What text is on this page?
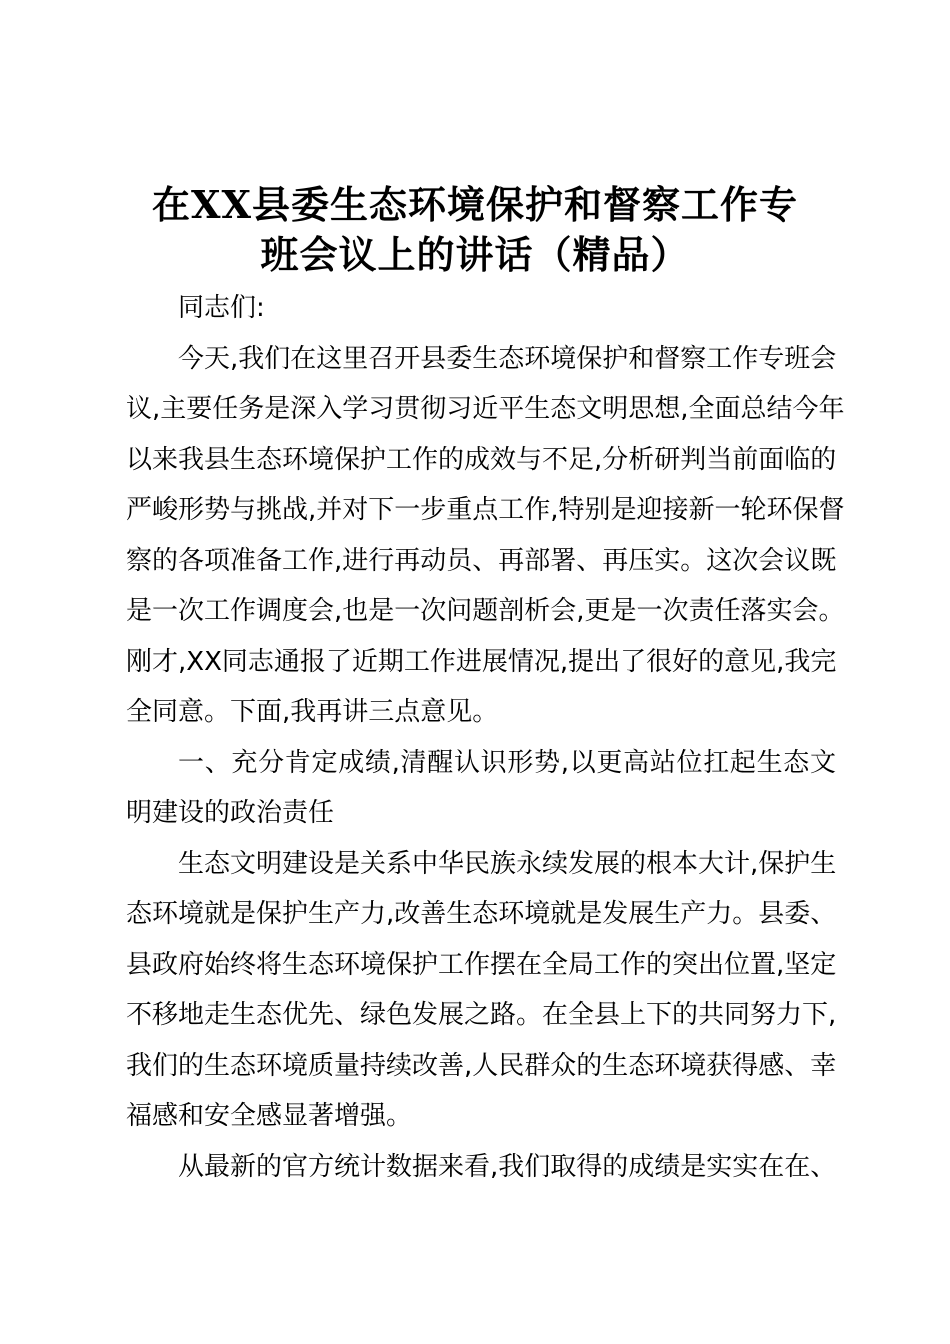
在XX县委生态环境保护和督察工作专
班会议上的讲话（精品）
同志们:
今天,我们在这里召开县委生态环境保护和督察工作专班会
议,主要任务是深入学习贯彻习近平生态文明思想,全面总结今年
以来我县生态环境保护工作的成效与不足,分析研判当前面临的
严峻形势与挑战,并对下一步重点工作,特别是迎接新一轮环保督
察的各项准备工作,进行再动员、再部署、再压实。这次会议既
是一次工作调度会,也是一次问题剖析会,更是一次责任落实会。
刚才,XX同志通报了近期工作进展情况,提出了很好的意见,我完
全同意。下面,我再讲三点意见。
一、充分肯定成绩,清醒认识形势,以更高站位扛起生态文
明建设的政治责任
生态文明建设是关系中华民族永续发展的根本大计,保护生
态环境就是保护生产力,改善生态环境就是发展生产力。县委、
县政府始终将生态环境保护工作摆在全局工作的突出位置,坚定
不移地走生态优先、绿色发展之路。在全县上下的共同努力下,
我们的生态环境质量持续改善,人民群众的生态环境获得感、幸
福感和安全感显著增强。
从最新的官方统计数据来看,我们取得的成绩是实实在在、
